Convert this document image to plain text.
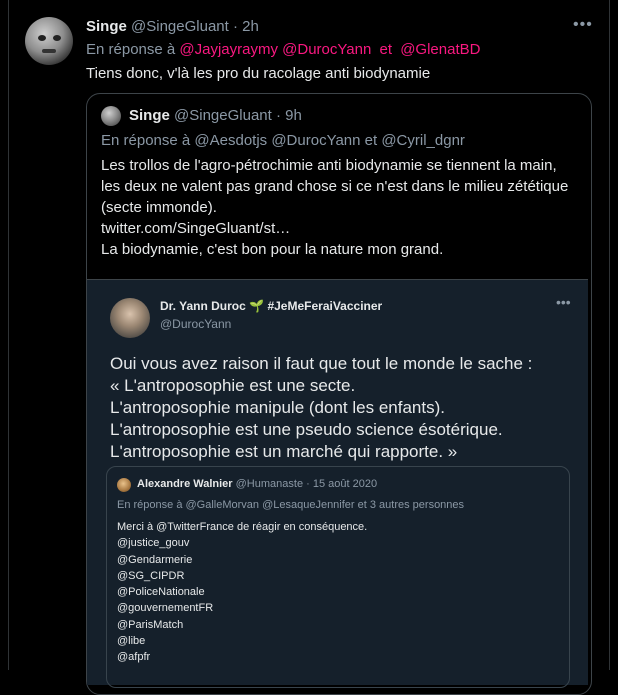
Singe @SingeGluant · 2h	•••
En réponse à @Jayjayraymy @DurocYann et @GlenatBD
Tiens donc, v'là les pro du racolage anti biodynamie
Singe @SingeGluant · 9h
En réponse à @Aesdotjs @DurocYann et @Cyril_dgnr
Les trollos de l'agro-pétrochimie anti biodynamie se tiennent la main,
les deux ne valent pas grand chose si ce n'est dans le milieu zététique
(secte immonde).
twitter.com/SingeGluant/st…
La biodynamie, c'est bon pour la nature mon grand.
Dr. Yann Duroc 🌱 #JeMeFeraiVacciner
@DurocYann
•••
Oui vous avez raison il faut que tout le monde le sache :
« L'antroposophie est une secte.
L'antroposophie manipule (dont les enfants).
L'antroposophie est une pseudo science ésotérique.
L'antroposophie est un marché qui rapporte. »
Alexandre Walnier @Humanaste · 15 août 2020
En réponse à @GalleMorvan @LesaqueJennifer et 3 autres personnes
Merci à @TwitterFrance de réagir en conséquence.
@justice_gouv
@Gendarmerie
@SG_CIPDR
@PoliceNationale
@gouvernementFR
@ParisMatch
@libe
@afpfr
